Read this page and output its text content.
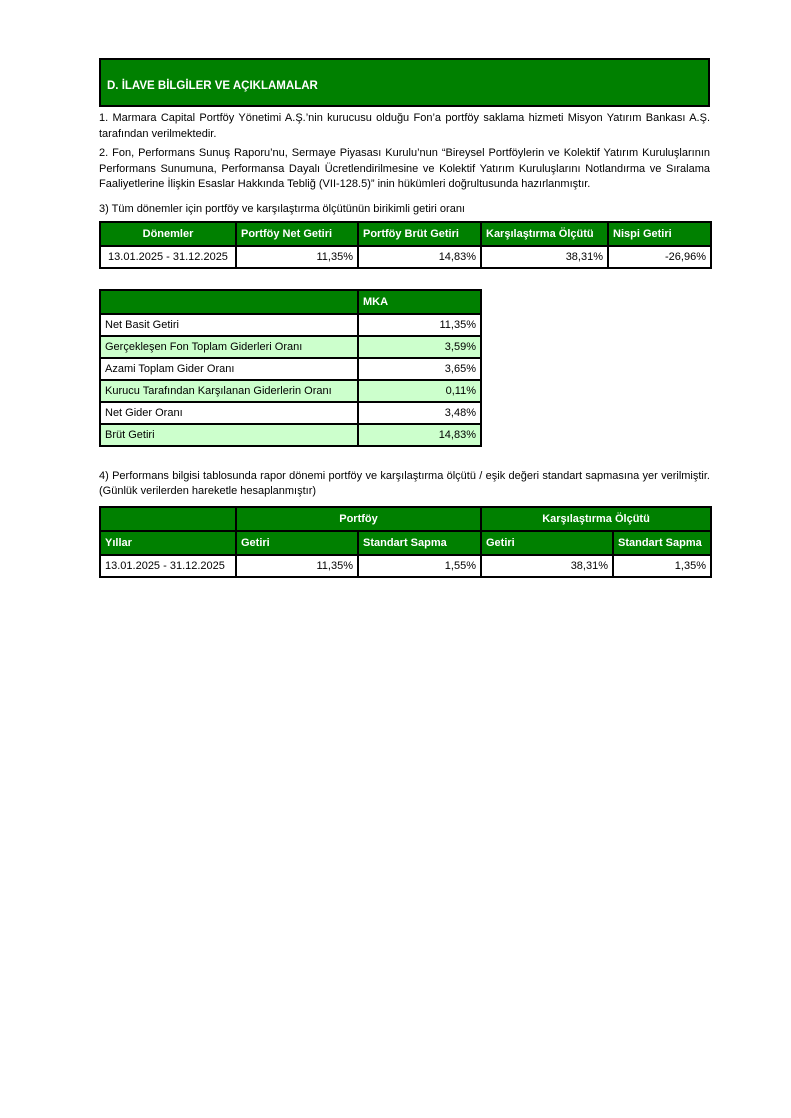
D. İLAVE BİLGİLER VE AÇIKLAMALAR

1. Marmara Capital Portföy Yönetimi A.Ş.’nin kurucusu olduğu Fon’a portföy saklama hizmeti Misyon Yatırım Bankası A.Ş. tarafından verilmektedir.

2. Fon, Performans Sunuş Raporu’nu, Sermaye Piyasası Kurulu’nun “Bireysel Portföylerin ve Kolektif Yatırım Kuruluşlarının Performans Sunumuna, Performansa Dayalı Ücretlendirilmesine ve Kolektif Yatırım Kuruluşlarını Notlandırma ve Sıralama Faaliyetlerine İlişkin Esaslar Hakkında Tebliğ (VII-128.5)” inin hükümleri doğrultusunda hazırlanmıştır.

3) Tüm dönemler için portföy ve karşılaştırma ölçütünün birikimli getiri oranı

Dönemler	Portföy Net Getiri	Portföy Brüt Getiri	Karşılaştırma Ölçütü	Nispi Getiri
13.01.2025 - 31.12.2025	11,35%	14,83%	38,31%	-26,96%
	MKA
Net Basit Getiri	11,35%
Gerçekleşen Fon Toplam Giderleri Oranı	3,59%
Azami Toplam Gider Oranı	3,65%
Kurucu Tarafından Karşılanan Giderlerin Oranı	0,11%
Net Gider Oranı	3,48%
Brüt Getiri	14,83%

4) Performans bilgisi tablosunda rapor dönemi portföy ve karşılaştırma ölçütü / eşik değeri standart sapmasına yer verilmiştir. (Günlük verilerden hareketle hesaplanmıştır)

	Portföy		Karşılaştırma Ölçütü	
Yıllar	Getiri	Standart Sapma	Getiri	Standart Sapma
13.01.2025 - 31.12.2025	11,35%	1,55%	38,31%	1,35%
